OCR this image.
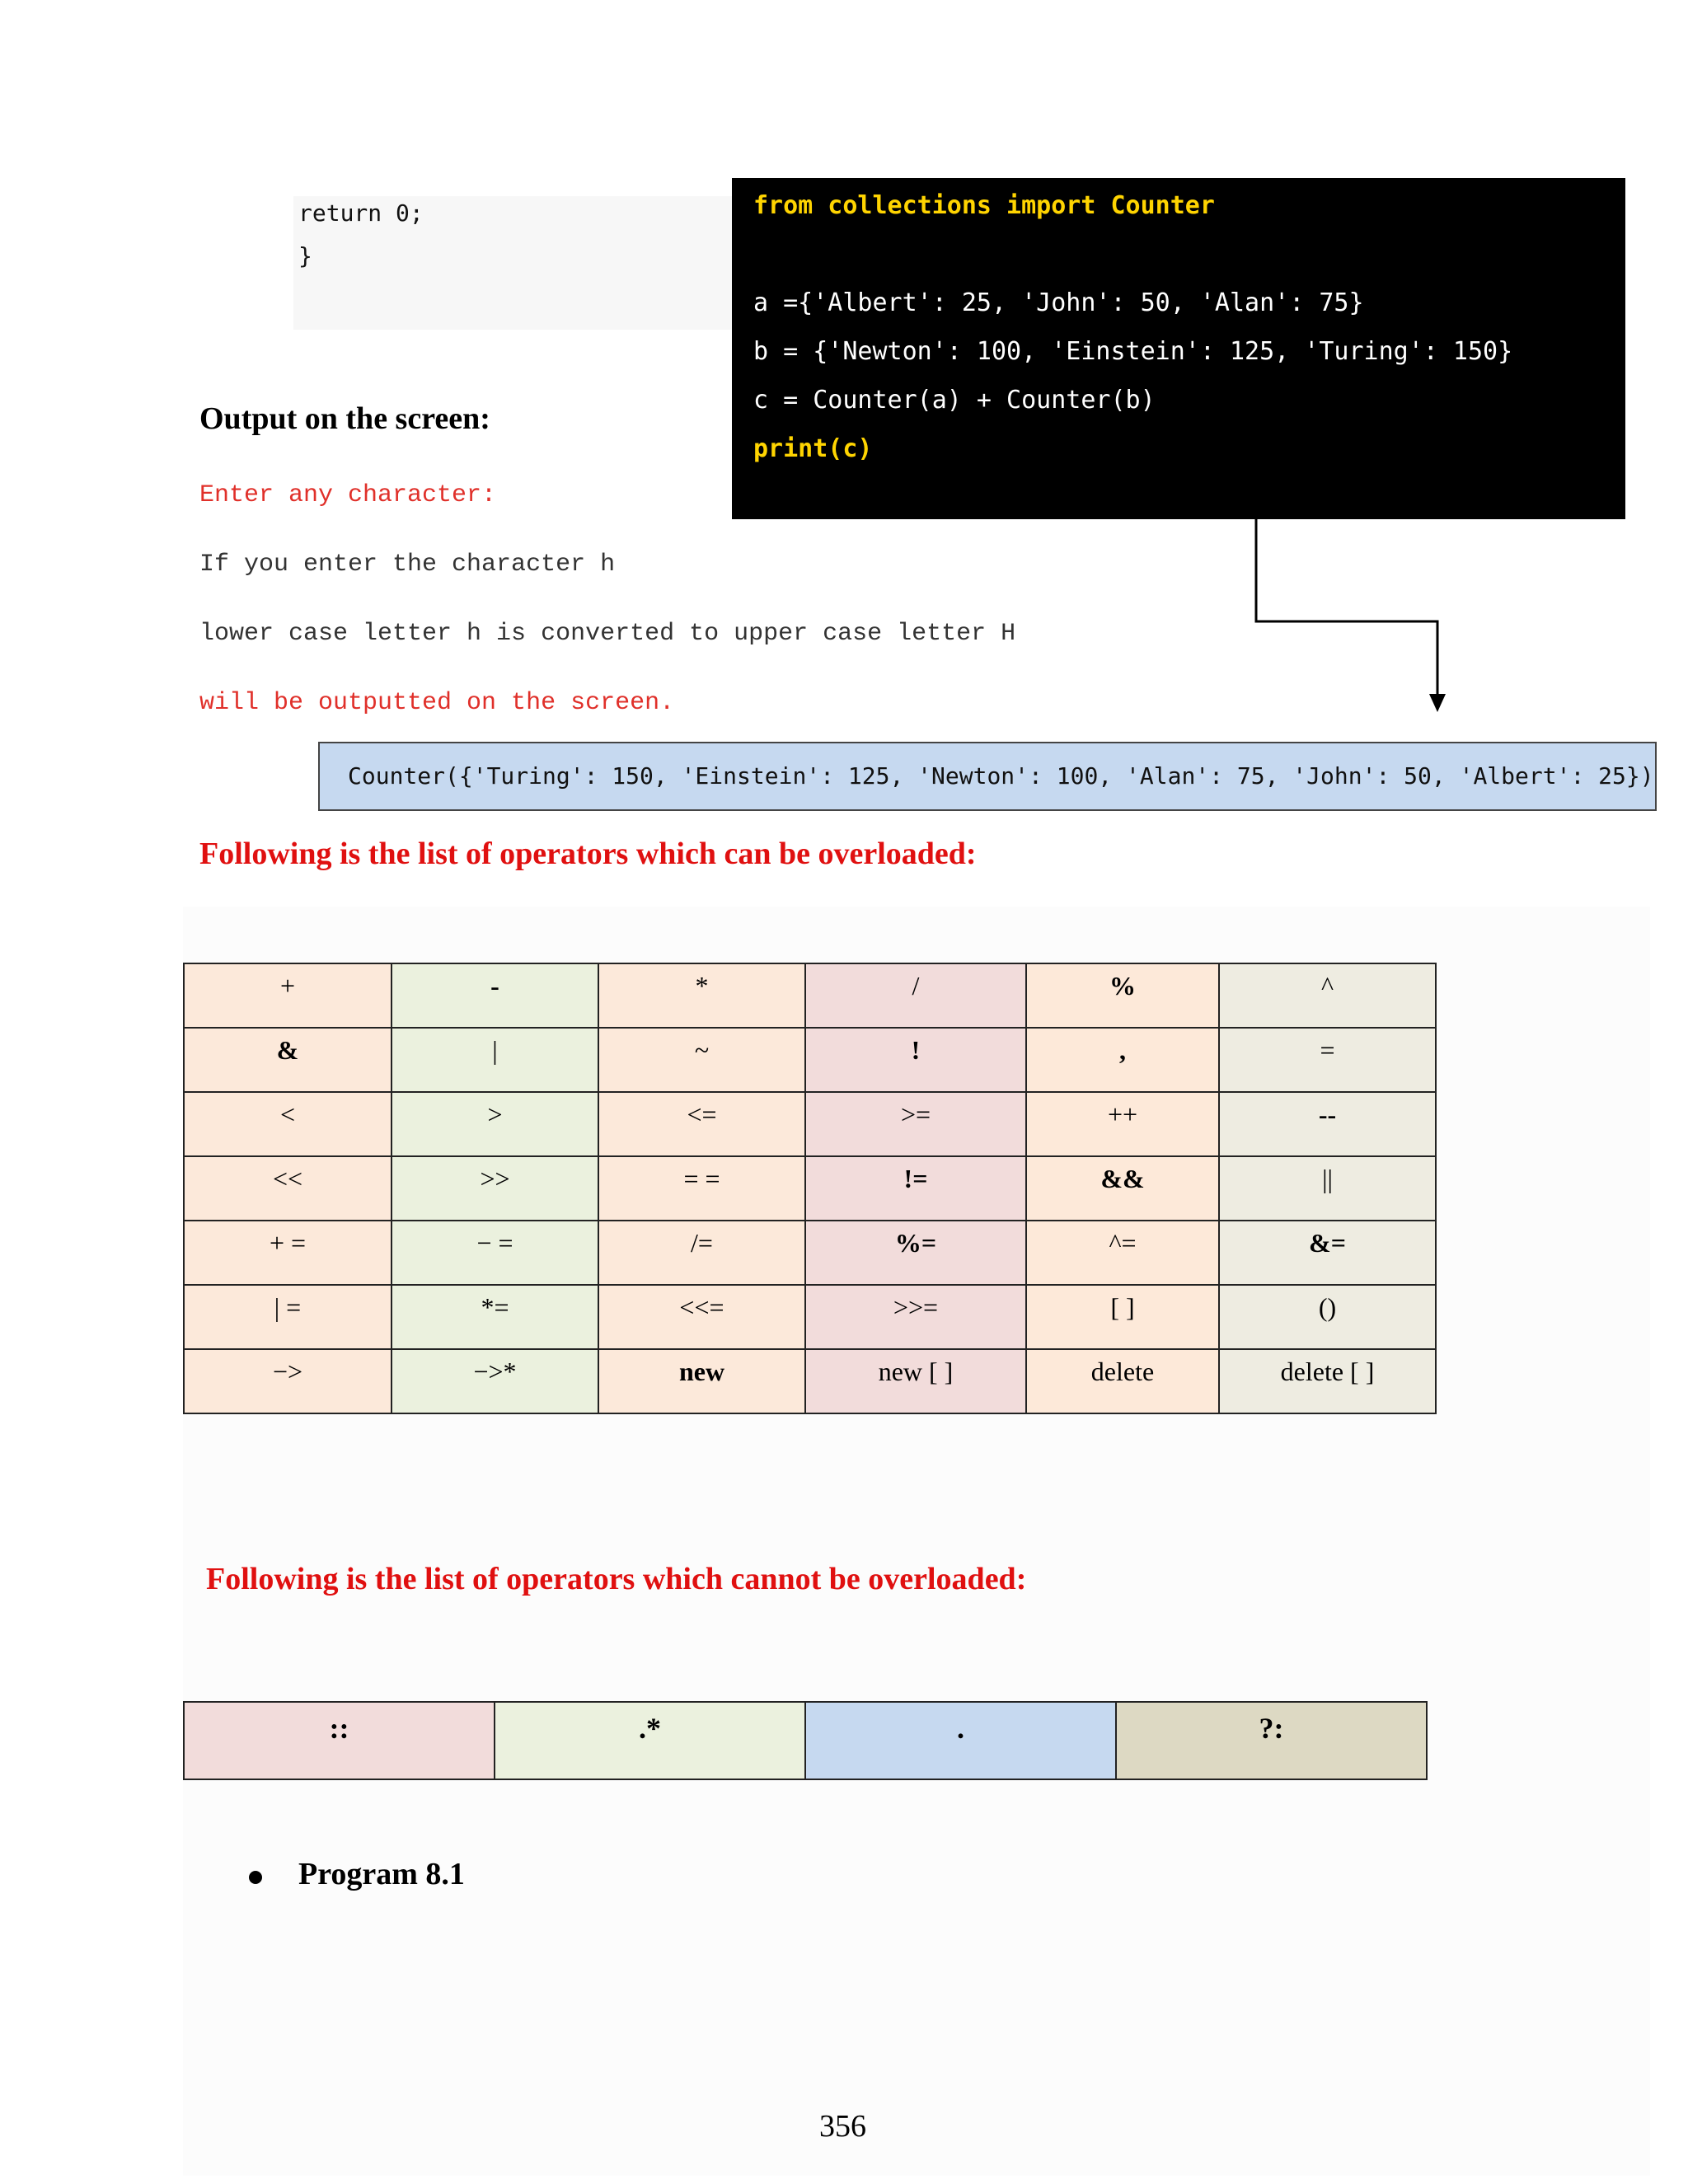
return 0;
}
from collections import Counter
a ={'Albert': 25, 'John': 50, 'Alan': 75}
b = {'Newton': 100, 'Einstein': 125, 'Turing': 150}
c = Counter(a) + Counter(b)
print(c)
Output on the screen:
Enter any character:
If you enter the character h
lower case letter h is converted to upper case letter H
will be outputted on the screen.
Counter({'Turing': 150, 'Einstein': 125, 'Newton': 100, 'Alan': 75, 'John': 50, 'Albert': 25})
Following is the list of operators which can be overloaded:
+	-	*	/	%	^
&	|	~	!	,	=
<	>	<=	>=	++	--
<<	>>	= =	!=	&&	||
+ =	− =	/=	%=	^=	&=
| =	*=	<<=	>>=	[ ]	()
−>	−>*	new	new [ ]	delete	delete [ ]
Following is the list of operators which cannot be overloaded:
::	.*	.	?:
Program 8.1
356
